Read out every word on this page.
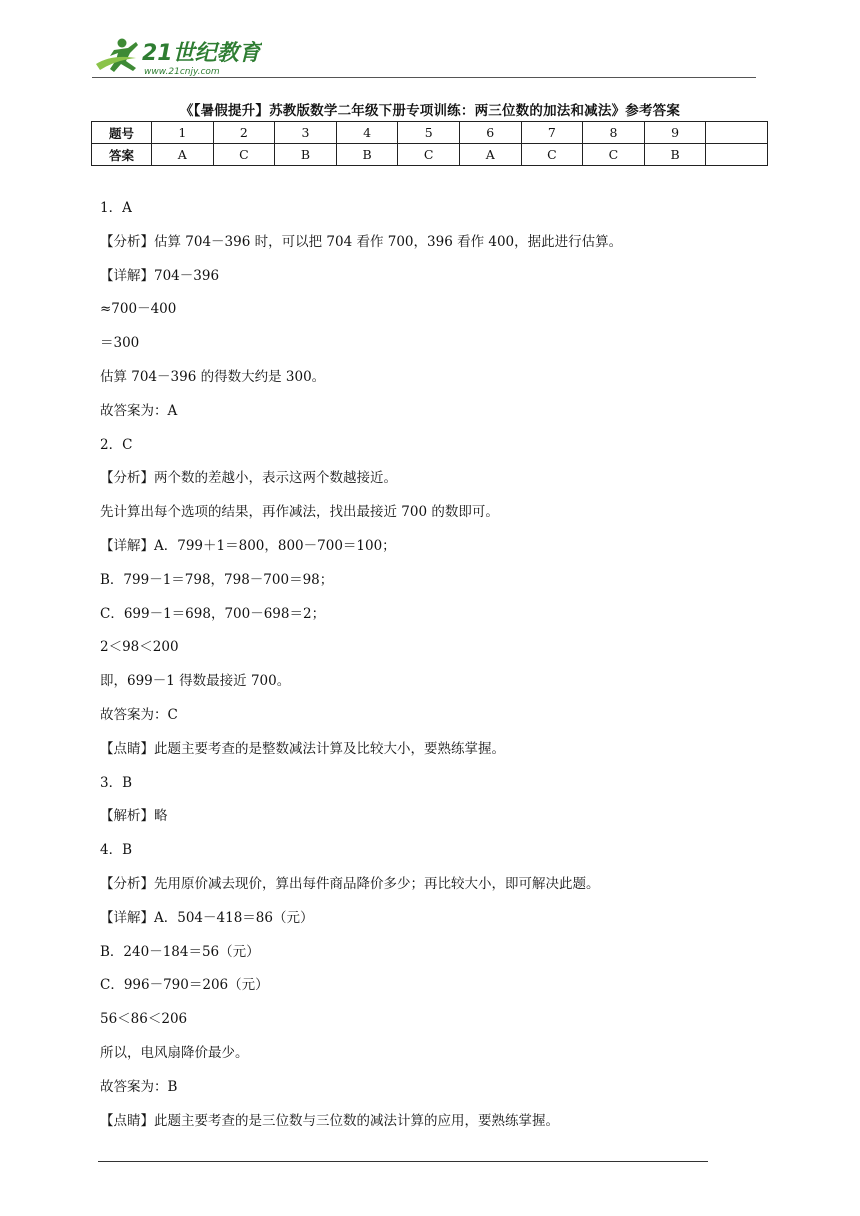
21世纪教育
www.21cnjy.com
《【暑假提升】苏教版数学二年级下册专项训练：两三位数的加法和减法》参考答案
题号	1	2	3	4	5	6	7	8	9	
答案	A	C	B	B	C	A	C	C	B	
1．A
【分析】估算 704－396 时，可以把 704 看作 700，396 看作 400，据此进行估算。
【详解】704－396
≈700－400
＝300
估算 704－396 的得数大约是 300。
故答案为：A
2．C
【分析】两个数的差越小，表示这两个数越接近。
先计算出每个选项的结果，再作减法，找出最接近 700 的数即可。
【详解】A．799＋1＝800，800－700＝100；
B．799－1＝798，798－700＝98；
C．699－1＝698，700－698＝2；
2＜98＜200
即，699－1 得数最接近 700。
故答案为：C
【点睛】此题主要考查的是整数减法计算及比较大小，要熟练掌握。
3．B
【解析】略
4．B
【分析】先用原价减去现价，算出每件商品降价多少；再比较大小，即可解决此题。
【详解】A．504－418＝86（元）
B．240－184＝56（元）
C．996－790＝206（元）
56＜86＜206
所以，电风扇降价最少。
故答案为：B
【点睛】此题主要考查的是三位数与三位数的减法计算的应用，要熟练掌握。
